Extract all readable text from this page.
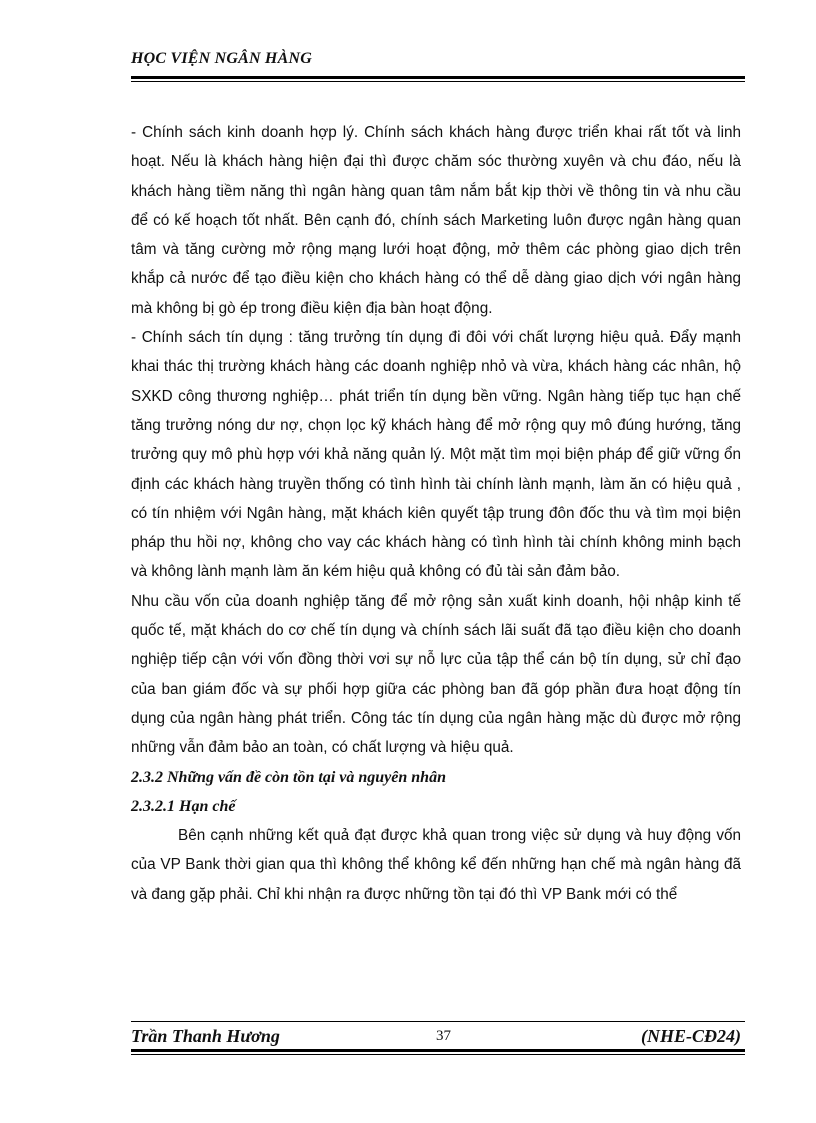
HỌC VIỆN NGÂN HÀNG

- Chính sách kinh doanh hợp lý. Chính sách khách hàng được triển khai rất tốt và linh hoạt. Nếu là khách hàng hiện đại thì được chăm sóc thường xuyên và chu đáo, nếu là khách hàng tiềm năng thì ngân hàng quan tâm nắm bắt kịp thời về thông tin và nhu cầu để có kế hoạch tốt nhất. Bên cạnh đó, chính sách Marketing luôn được ngân hàng quan tâm và tăng cường mở rộng mạng lưới hoạt động, mở thêm các phòng giao dịch trên khắp cả nước để tạo điều kiện cho khách hàng có thể dễ dàng giao dịch với ngân hàng mà không bị gò ép trong điều kiện địa bàn hoạt động.

- Chính sách tín dụng : tăng trưởng tín dụng đi đôi với chất lượng hiệu quả. Đẩy mạnh khai thác thị trường khách hàng các doanh nghiệp nhỏ và vừa, khách hàng các nhân, hộ SXKD công thương nghiệp… phát triển tín dụng bền vững. Ngân hàng tiếp tục hạn chế tăng trưởng nóng dư nợ, chọn lọc kỹ khách hàng để mở rộng quy mô đúng hướng, tăng trưởng quy mô phù hợp với khả năng quản lý. Một mặt tìm mọi biện pháp để giữ vững ổn định các khách hàng truyền thống có tình hình tài chính lành mạnh, làm ăn có hiệu quả , có tín nhiệm với Ngân hàng, mặt khách kiên quyết tập trung đôn đốc thu và tìm mọi biện pháp thu hồi nợ, không cho vay các khách hàng có tình hình tài chính không minh bạch và không lành mạnh làm ăn kém hiệu quả không có đủ tài sản đảm bảo.

Nhu cầu vốn của doanh nghiệp tăng để mở rộng sản xuất kinh doanh, hội nhập kinh tế quốc tế, mặt khách do cơ chế tín dụng và chính sách lãi suất đã tạo điều kiện cho doanh nghiệp tiếp cận với vốn đồng thời vơi sự nỗ lực của tập thể cán bộ tín dụng, sử chỉ đạo của ban giám đốc và sự phối hợp giữa các phòng ban đã góp phần đưa hoạt động tín dụng của ngân hàng phát triển. Công tác tín dụng của ngân hàng mặc dù được mở rộng những vẫn đảm bảo an toàn, có chất lượng và hiệu quả.

2.3.2 Những vấn đề còn tồn tại và nguyên nhân
2.3.2.1 Hạn chế

Bên cạnh những kết quả đạt được khả quan trong việc sử dụng và huy động vốn của VP Bank thời gian qua thì không thể không kể đến những hạn chế mà ngân hàng đã và đang gặp phải. Chỉ khi nhận ra được những tồn tại đó thì VP Bank mới có thể

Trần Thanh Hương	37	(NHE-CĐ24)
